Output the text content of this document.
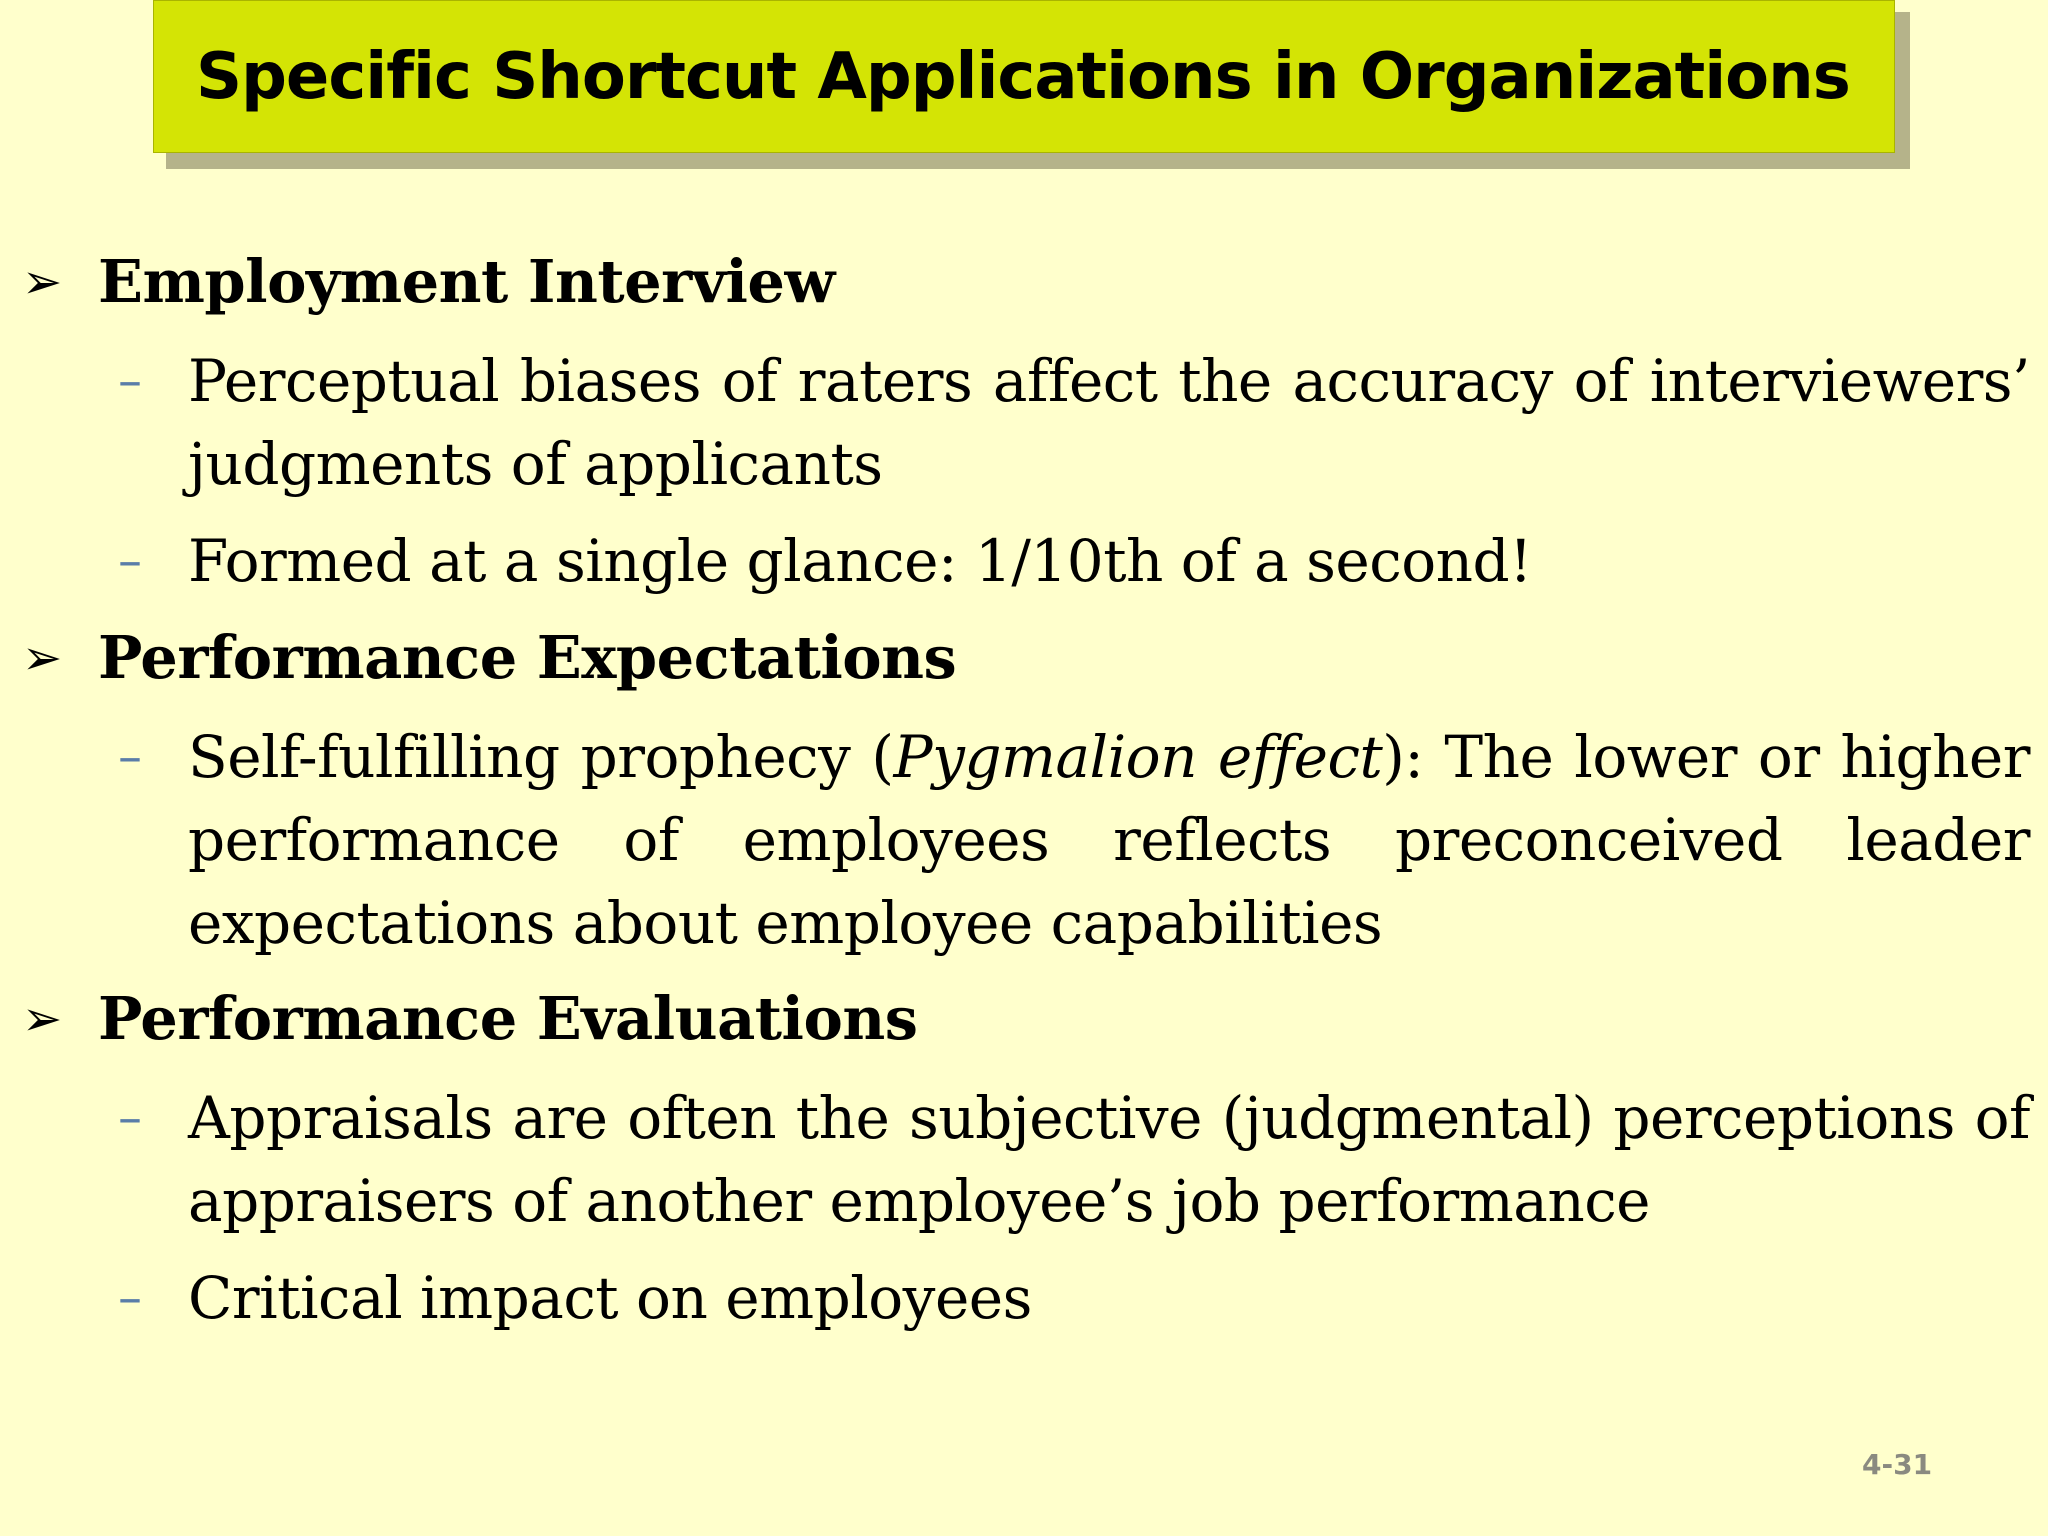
Specific Shortcut Applications in Organizations
➢ Employment Interview
– Perceptual biases of raters affect the accuracy of interviewers’ judgments of applicants
– Formed at a single glance: 1/10th of a second!
➢ Performance Expectations
– Self-fulfilling prophecy (Pygmalion effect): The lower or higher performance of employees reflects preconceived leader expectations about employee capabilities
➢ Performance Evaluations
– Appraisals are often the subjective (judgmental) perceptions of appraisers of another employee’s job performance
– Critical impact on employees
4-31
